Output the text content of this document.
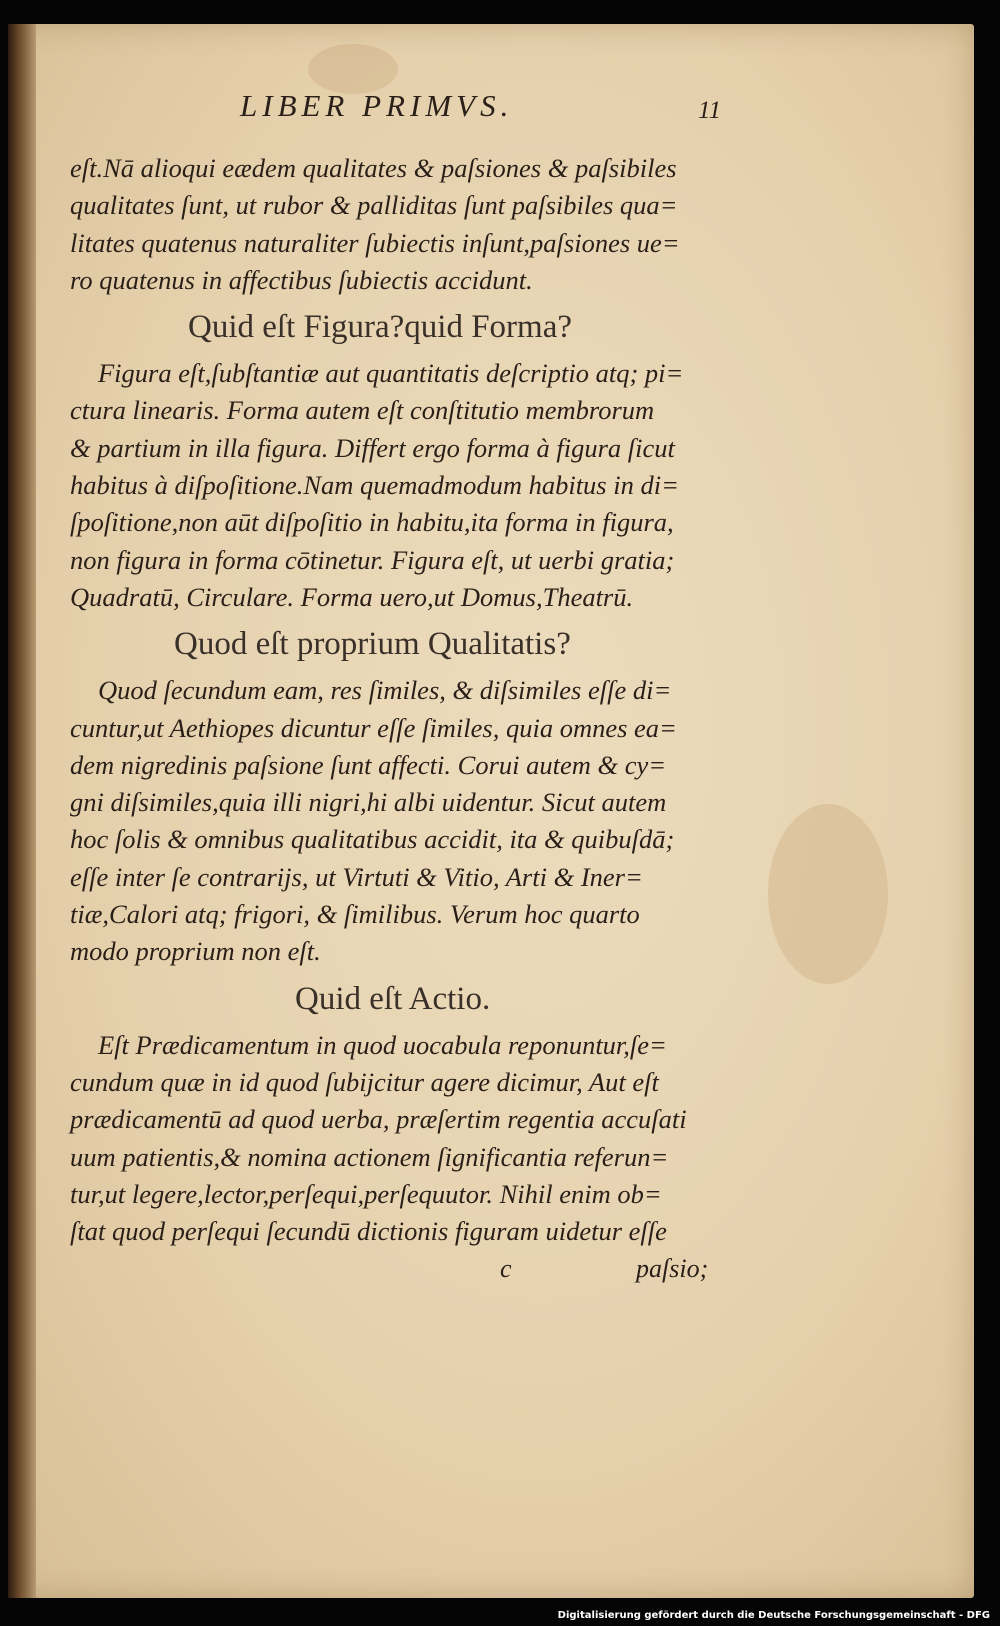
LIBER PRIMVS.	11
eſt.Nā alioqui eædem qualitates & paſsiones & paſsibiles
qualitates ſunt, ut rubor & palliditas ſunt paſsibiles qua=
litates quatenus naturaliter ſubiectis inſunt,paſsiones ue=
ro quatenus in affectibus ſubiectis accidunt.
Quid eſt Figura?quid Forma?
Figura eſt,ſubſtantiæ aut quantitatis deſcriptio atq; pi=
ctura linearis. Forma autem eſt conſtitutio membrorum
& partium in illa figura. Differt ergo forma à figura ſicut
habitus à diſpoſitione.Nam quemadmodum habitus in di=
ſpoſitione,non aūt diſpoſitio in habitu,ita forma in figura,
non figura in forma cōtinetur. Figura eſt, ut uerbi gratia;
Quadratū, Circulare. Forma uero,ut Domus,Theatrū.
Quod eſt proprium Qualitatis?
Quod ſecundum eam, res ſimiles, & diſsimiles eſſe di=
cuntur,ut Aethiopes dicuntur eſſe ſimiles, quia omnes ea=
dem nigredinis paſsione ſunt affecti. Corui autem & cy=
gni diſsimiles,quia illi nigri,hi albi uidentur. Sicut autem
hoc ſolis & omnibus qualitatibus accidit, ita & quibuſdā;
eſſe inter ſe contrarijs, ut Virtuti & Vitio, Arti & Iner=
tiæ,Calori atq; frigori, & ſimilibus. Verum hoc quarto
modo proprium non eſt.
Quid eſt Actio.
Eſt Prædicamentum in quod uocabula reponuntur,ſe=
cundum quæ in id quod ſubijcitur agere dicimur, Aut eſt
prædicamentū ad quod uerba, præſertim regentia accuſati
uum patientis,& nomina actionem ſignificantia referun=
tur,ut legere,lector,perſequi,perſequutor. Nihil enim ob=
ſtat quod perſequi ſecundū dictionis figuram uidetur eſſe
c	paſsio;
Digitalisierung gefördert durch die Deutsche Forschungsgemeinschaft - DFG
